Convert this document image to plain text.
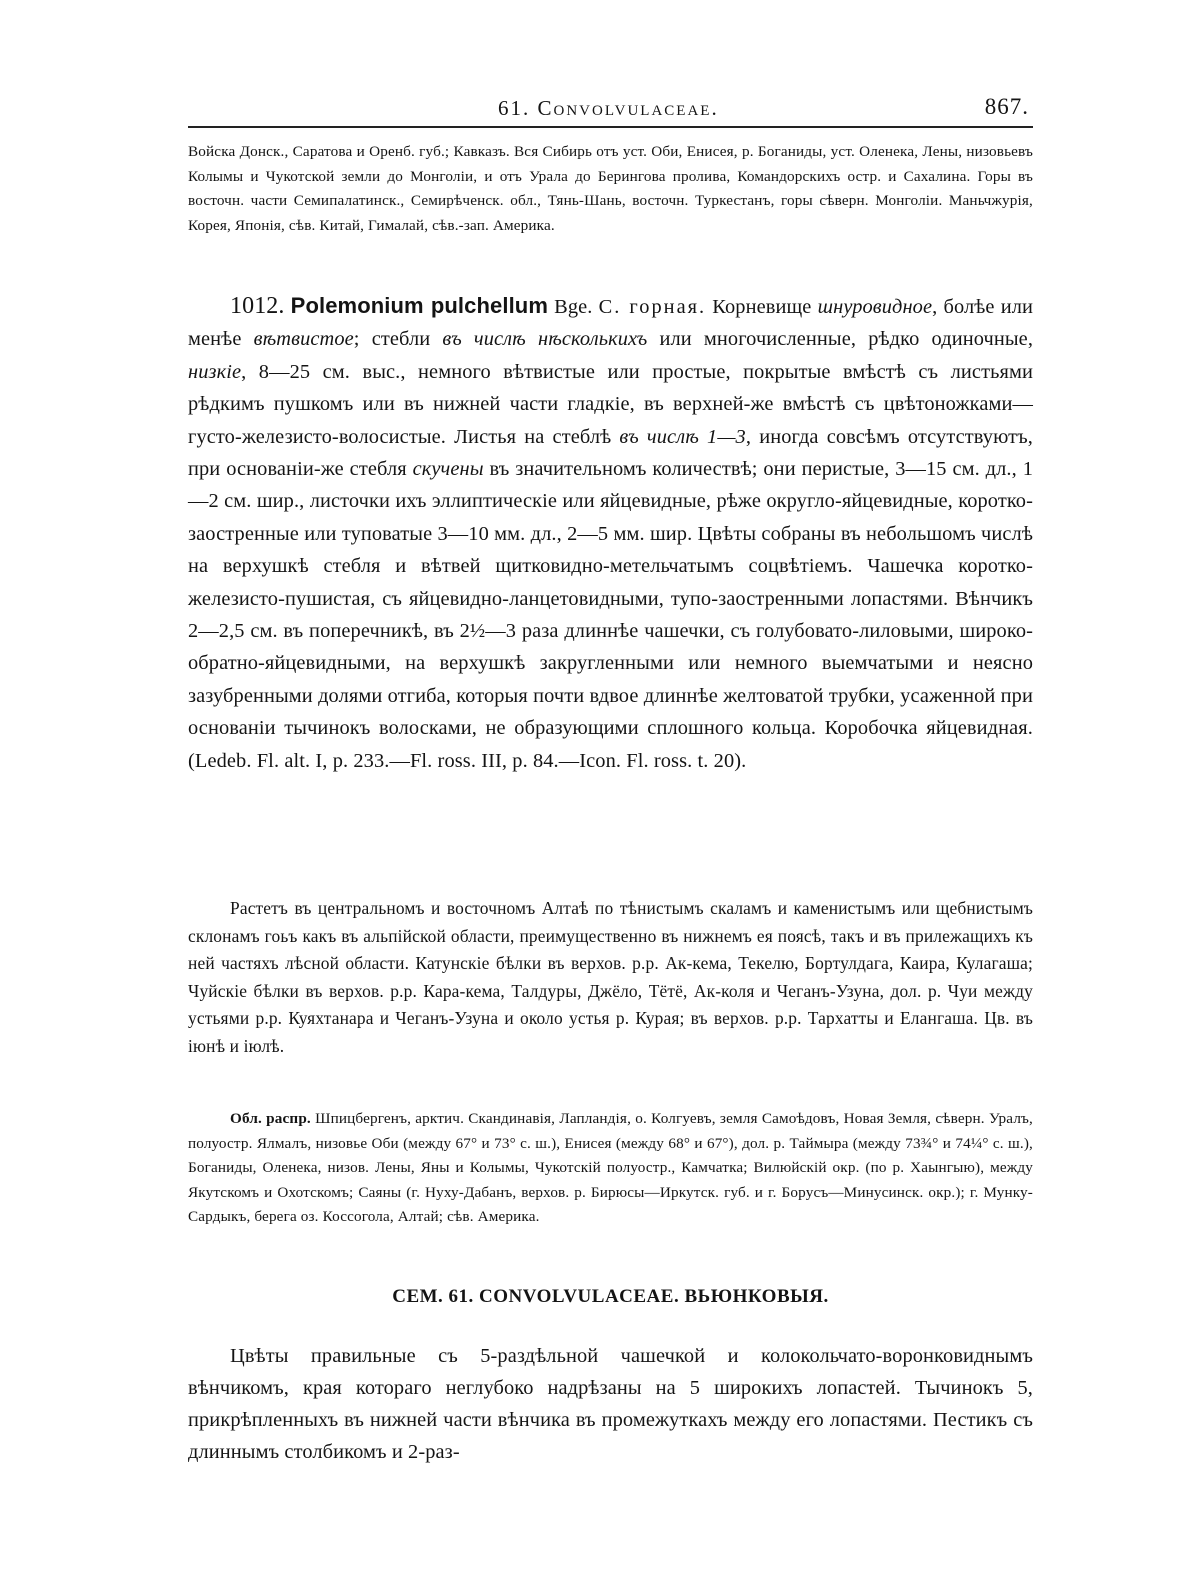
61. Convolvulaceae.	867.

Войска Донск., Саратова и Оренб. губ.; Кавказъ. Вся Сибирь отъ уст. Оби, Енисея, р. Боганиды, уст. Оленека, Лены, низовьевъ Колымы и Чукотской земли до Монголіи, и отъ Урала до Берингова пролива, Командорскихъ остр. и Сахалина. Горы въ восточн. части Семипалатинск., Семирѣченск. обл., Тянь-Шань, восточн. Туркестанъ, горы сѣверн. Монголіи. Маньчжурія, Корея, Японія, сѣв. Китай, Гималай, сѣв.-зап. Америка.

1012. Polemonium pulchellum Bge. С. горная. Корневище шнуровидное, болѣе или менѣе вѣтвистое; стебли въ числѣ нѣсколькихъ или многочисленные, рѣдко одиночные, низкіе, 8—25 см. выс., немного вѣтвистые или простые, покрытые вмѣстѣ съ листьями рѣдкимъ пушкомъ или въ нижней части гладкіе, въ верхней-же вмѣстѣ съ цвѣтоножками—густо-железисто-волосистые. Листья на стеблѣ въ числѣ 1—3, иногда совсѣмъ отсутствуютъ, при основаніи-же стебля скучены въ значительномъ количествѣ; они перистые, 3—15 см. дл., 1—2 см. шир., листочки ихъ эллиптическіе или яйцевидные, рѣже округло-яйцевидные, коротко-заостренные или туповатые 3—10 мм. дл., 2—5 мм. шир. Цвѣты собраны въ небольшомъ числѣ на верхушкѣ стебля и вѣтвей щитковидно-метельчатымъ соцвѣтіемъ. Чашечка коротко-железисто-пушистая, съ яйцевидно-ланцетовидными, тупо-заостренными лопастями. Вѣнчикъ 2—2,5 см. въ поперечникѣ, въ 2½—3 раза длиннѣе чашечки, съ голубовато-лиловыми, широко-обратно-яйцевидными, на верхушкѣ закругленными или немного выемчатыми и неясно зазубренными долями отгиба, которыя почти вдвое длиннѣе желтоватой трубки, усаженной при основаніи тычинокъ волосками, не образующими сплошного кольца. Коробочка яйцевидная. (Ledeb. Fl. alt. I, p. 233.—Fl. ross. III, p. 84.—Icon. Fl. ross. t. 20).

Растетъ въ центральномъ и восточномъ Алтаѣ по тѣнистымъ скаламъ и каменистымъ или щебнистымъ склонамъ гоьъ какъ въ альпійской области, преимущественно въ нижнемъ ея поясѣ, такъ и въ прилежащихъ къ ней частяхъ лѣсной области. Катунскіе бѣлки въ верхов. р.р. Ак-кема, Текелю, Бортулдага, Каира, Кулагаша; Чуйскіе бѣлки въ верхов. р.р. Кара-кема, Талдуры, Джёло, Тётё, Ак-коля и Чеганъ-Узуна, дол. р. Чуи между устьями р.р. Куяхтанара и Чеганъ-Узуна и около устья р. Курая; въ верхов. р.р. Тархатты и Елангаша. Цв. въ іюнѣ и іюлѣ.

Обл. распр. Шпицбергенъ, арктич. Скандинавія, Лапландія, о. Колгуевъ, земля Самоѣдовъ, Новая Земля, сѣверн. Уралъ, полуостр. Ялмалъ, низовье Оби (между 67° и 73° с. ш.), Енисея (между 68° и 67°), дол. р. Таймыра (между 73¾° и 74¼° с. ш.), Боганиды, Оленека, низов. Лены, Яны и Колымы, Чукотскій полуостр., Камчатка; Вилюйскій окр. (по р. Хаынгыю), между Якутскомъ и Охотскомъ; Саяны (г. Нуху-Дабанъ, верхов. р. Бирюсы—Иркутск. губ. и г. Борусъ—Минусинск. окр.); г. Мунку-Сардыкъ, берега оз. Коссогола, Алтай; сѣв. Америка.

СЕМ. 61. CONVOLVULACEAE. ВЬЮНКОВЫЯ.

Цвѣты правильные съ 5-раздѣльной чашечкой и колокольчато-воронковиднымъ вѣнчикомъ, края котораго неглубоко надрѣзаны на 5 широкихъ лопастей. Тычинокъ 5, прикрѣпленныхъ въ нижней части вѣнчика въ промежуткахъ между его лопастями. Пестикъ съ длиннымъ столбикомъ и 2-раз-
